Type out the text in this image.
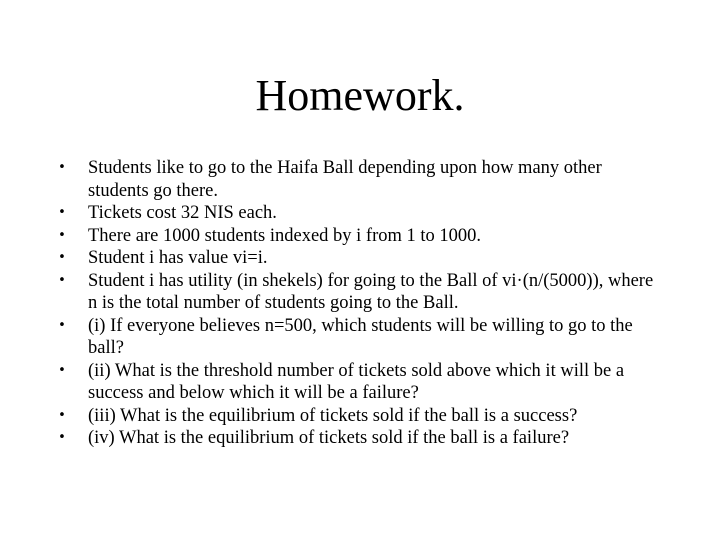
Homework.
• Students like to go to the Haifa Ball depending upon how many other students go there.
• Tickets cost 32 NIS each.
• There are 1000 students indexed by i from 1 to 1000.
• Student i has value vi=i.
• Student i has utility (in shekels) for going to the Ball of vi·(n/(5000)), where n is the total number of students going to the Ball.
• (i) If everyone believes n=500, which students will be willing to go to the ball?
• (ii) What is the threshold number of tickets sold above which it will be a success and below which it will be a failure?
• (iii) What is the equilibrium of tickets sold if the ball is a success?
• (iv) What is the equilibrium of tickets sold if the ball is a failure?
